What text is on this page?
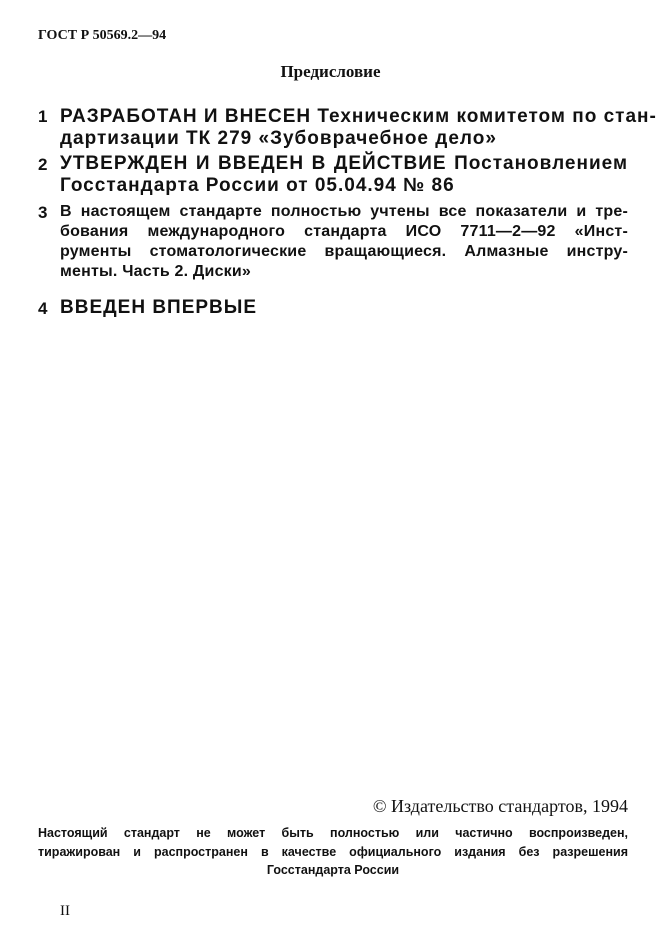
ГОСТ Р 50569.2—94
Предисловие
1 РАЗРАБОТАН И ВНЕСЕН Техническим комитетом по стан-
дартизации ТК 279 «Зубоврачебное дело»
2 УТВЕРЖДЕН И ВВЕДЕН В ДЕЙСТВИЕ Постановлением
Госстандарта России от 05.04.94 № 86
3 В настоящем стандарте полностью учтены все показатели и тре-
бования международного стандарта ИСО 7711—2—92 «Инст-
рументы стоматологические вращающиеся. Алмазные инстру-
менты. Часть 2. Диски»
4 ВВЕДЕН ВПЕРВЫЕ
© Издательство стандартов, 1994
Настоящий стандарт не может быть полностью или частично воспроизведен,
тиражирован и распространен в качестве официального издания без разрешения
Госстандарта России
II
